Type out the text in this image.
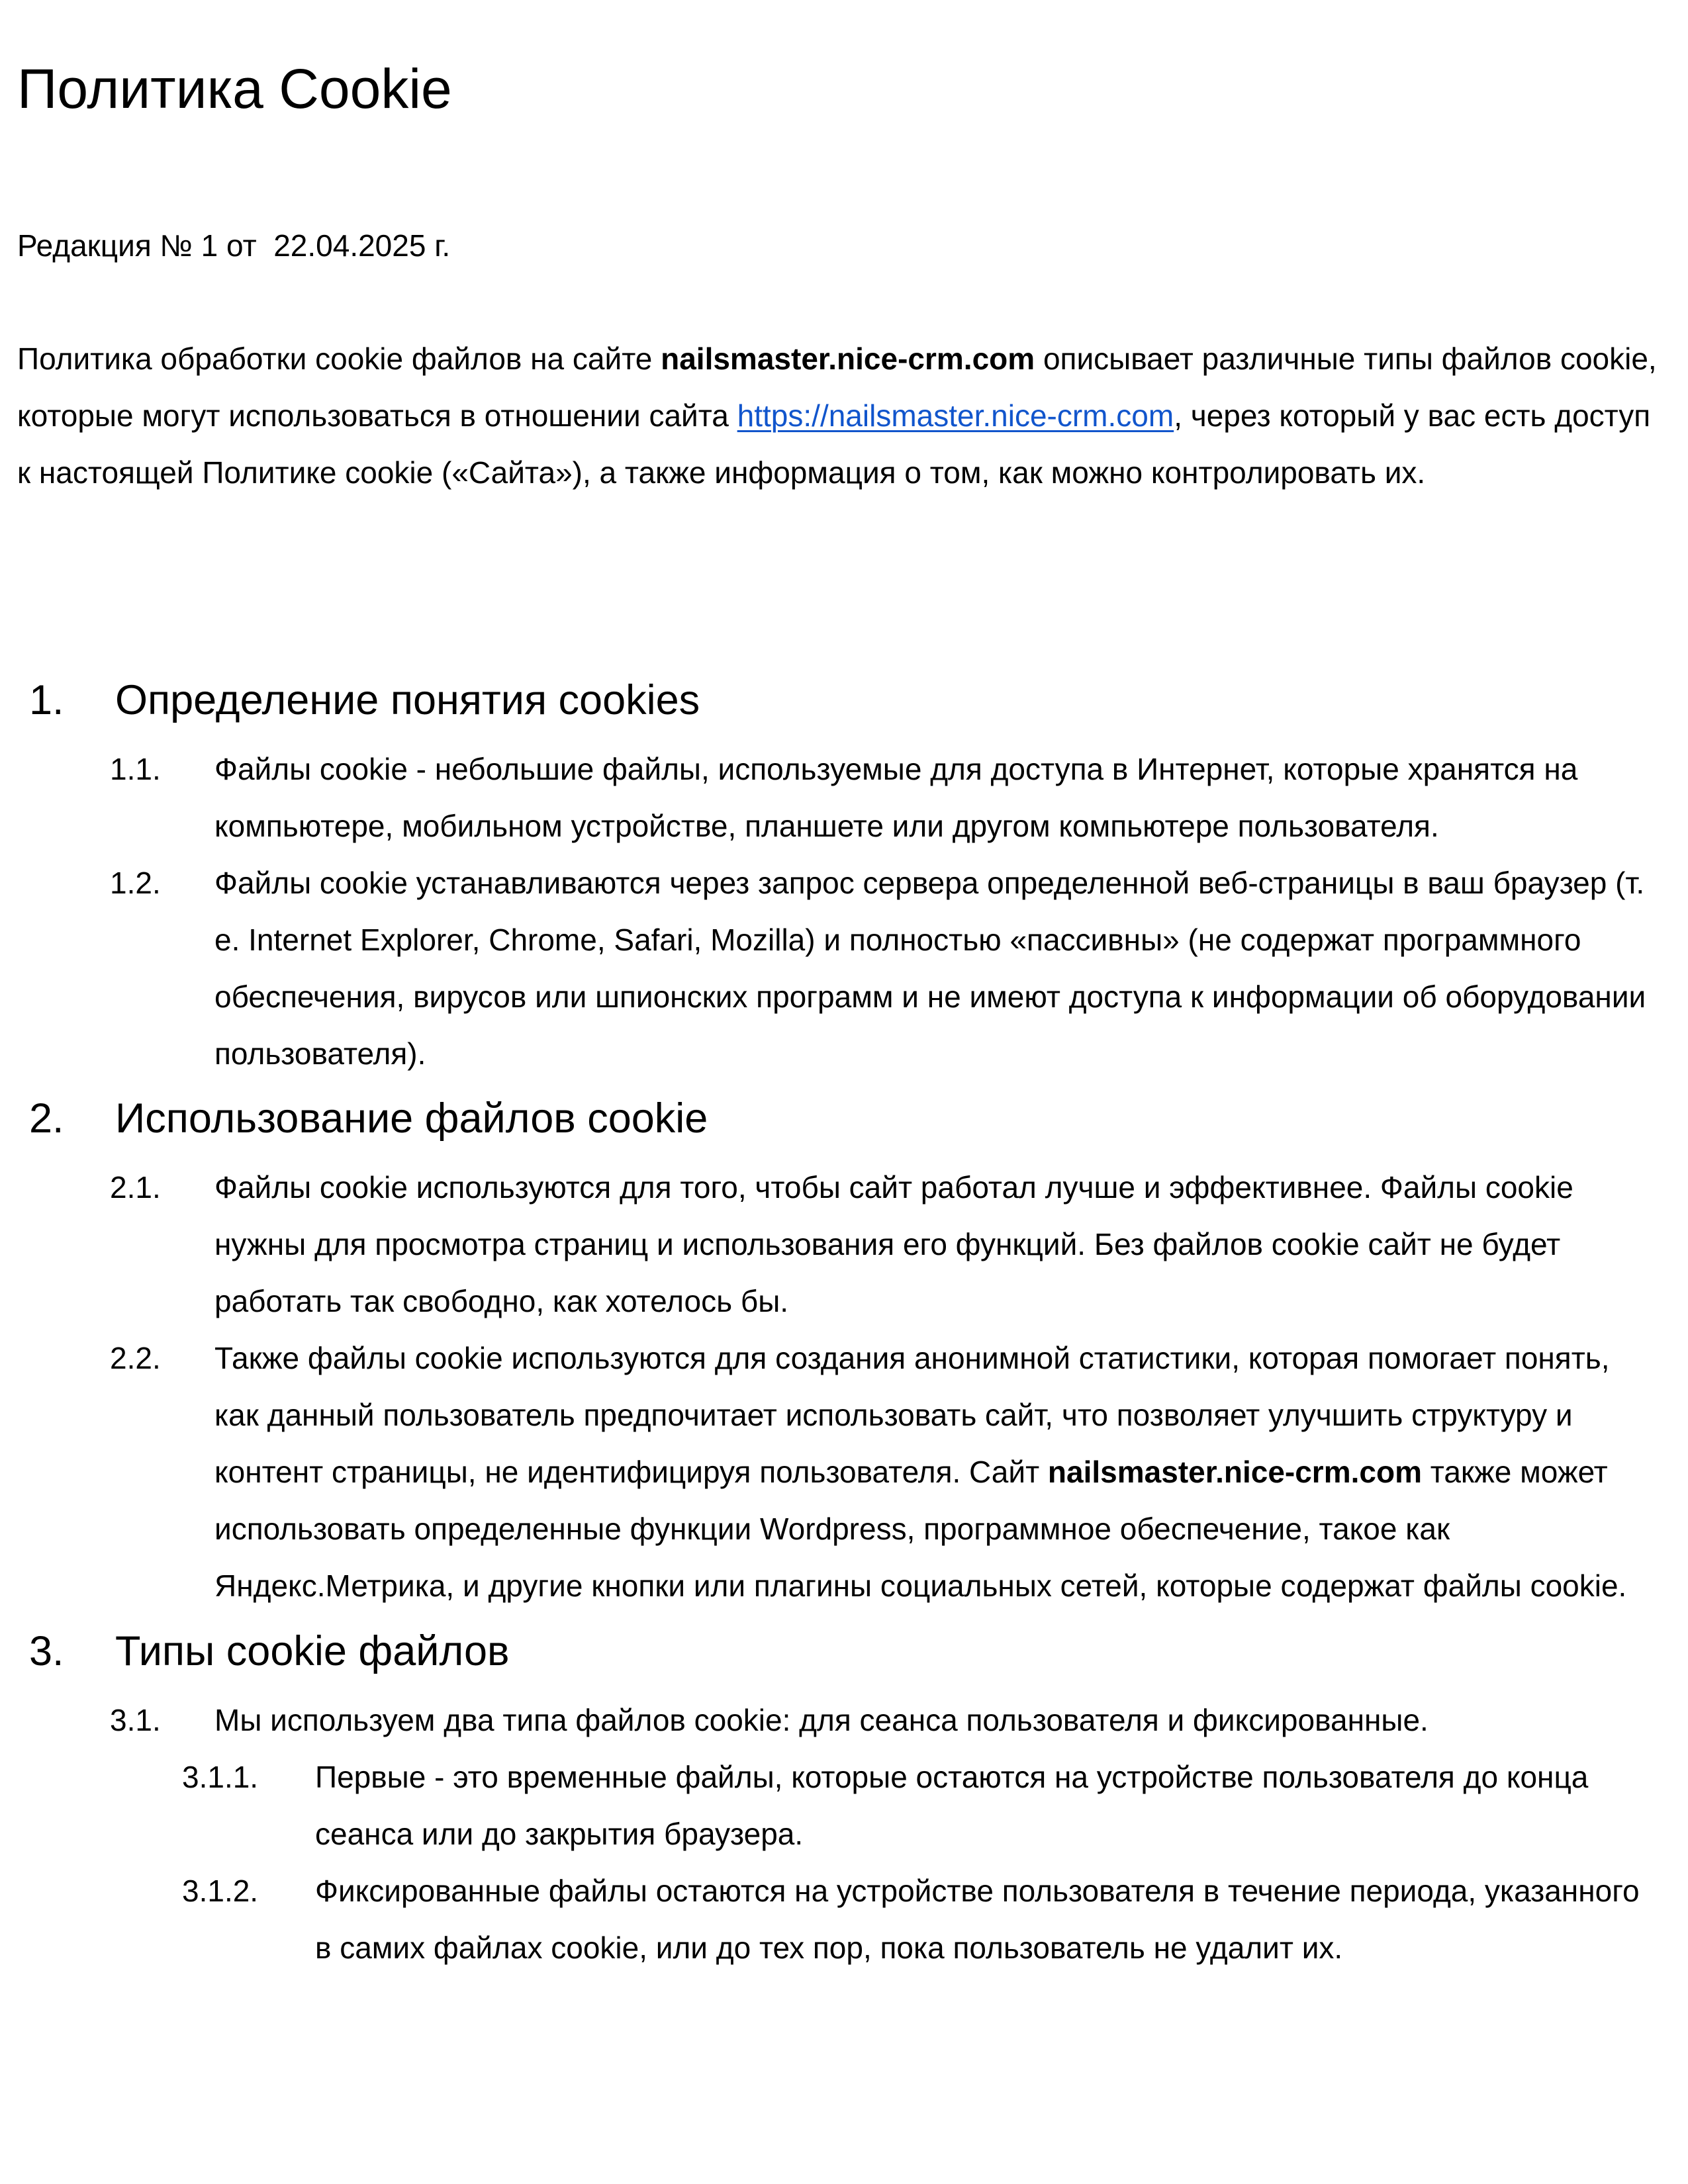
Политика Cookie
Редакция № 1 от  22.04.2025 г.

Политика обработки cookie файлов на сайте nailsmaster.nice-crm.com описывает различные типы файлов cookie, которые могут использоваться в отношении сайта https://nailsmaster.nice-crm.com, через который у вас есть доступ к настоящей Политике cookie («Сайта»), а также информация о том, как можно контролировать их.

1. Определение понятия cookies
1.1. Файлы cookie - небольшие файлы, используемые для доступа в Интернет, которые хранятся на компьютере, мобильном устройстве, планшете или другом компьютере пользователя.
1.2. Файлы cookie устанавливаются через запрос сервера определенной веб-страницы в ваш браузер (т. е. Internet Explorer, Chrome, Safari, Mozilla) и полностью «пассивны» (не содержат программного обеспечения, вирусов или шпионских программ и не имеют доступа к информации об оборудовании пользователя).
2. Использование файлов cookie
2.1. Файлы cookie используются для того, чтобы сайт работал лучше и эффективнее. Файлы cookie нужны для просмотра страниц и использования его функций. Без файлов cookie сайт не будет работать так свободно, как хотелось бы.
2.2. Также файлы cookie используются для создания анонимной статистики, которая помогает понять, как данный пользователь предпочитает использовать сайт, что позволяет улучшить структуру и контент страницы, не идентифицируя пользователя. Сайт nailsmaster.nice-crm.com также может использовать определенные функции Wordpress, программное обеспечение, такое как Яндекс.Метрика, и другие кнопки или плагины социальных сетей, которые содержат файлы cookie.
3. Типы cookie файлов
3.1. Мы используем два типа файлов cookie: для сеанса пользователя и фиксированные.
3.1.1. Первые - это временные файлы, которые остаются на устройстве пользователя до конца сеанса или до закрытия браузера.
3.1.2. Фиксированные файлы остаются на устройстве пользователя в течение периода, указанного в самих файлах cookie, или до тех пор, пока пользователь не удалит их.
